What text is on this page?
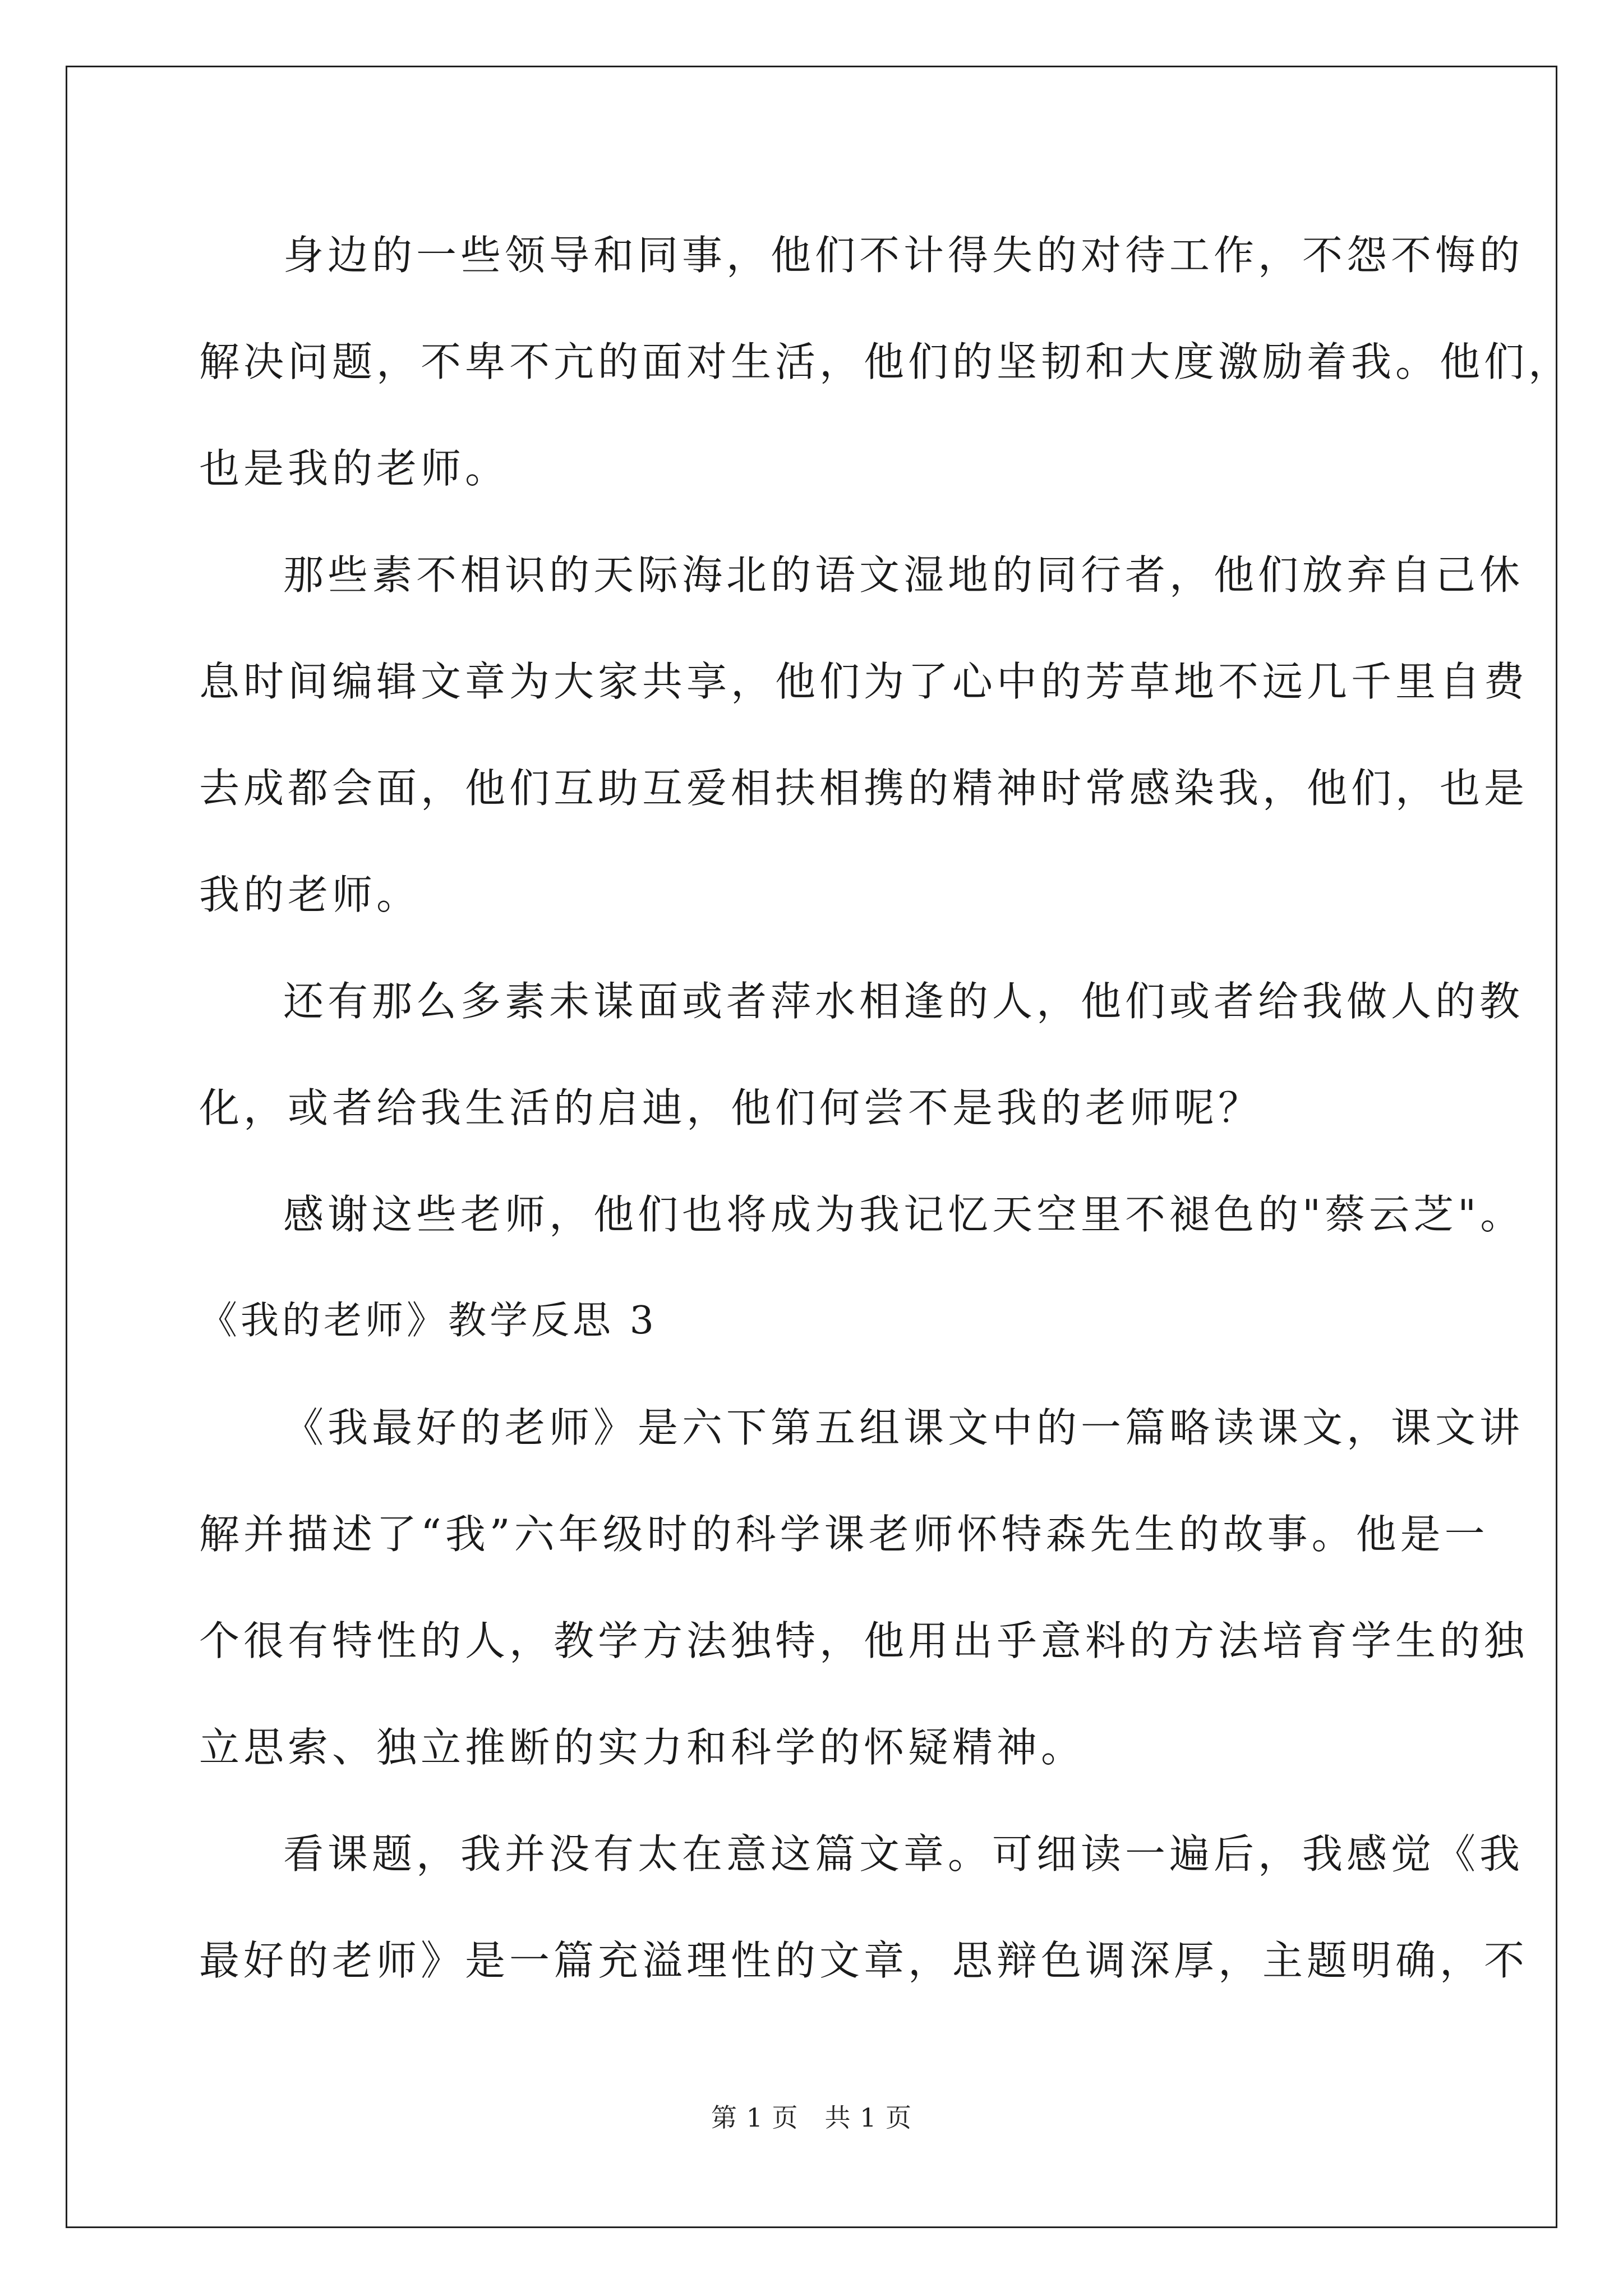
身边的一些领导和同事，他们不计得失的对待工作，不怨不悔的

解决问题，不卑不亢的面对生活，他们的坚韧和大度激励着我。他们，

也是我的老师。

那些素不相识的天际海北的语文湿地的同行者，他们放弃自己休

息时间编辑文章为大家共享，他们为了心中的芳草地不远几千里自费

去成都会面，他们互助互爱相扶相携的精神时常感染我，他们，也是

我的老师。

还有那么多素未谋面或者萍水相逢的人，他们或者给我做人的教

化，或者给我生活的启迪，他们何尝不是我的老师呢？

感谢这些老师，他们也将成为我记忆天空里不褪色的"蔡云芝"。

《我的老师》教学反思 3

《我最好的老师》是六下第五组课文中的一篇略读课文，课文讲

解并描述了“我”六年级时的科学课老师怀特森先生的故事。他是一

个很有特性的人，教学方法独特，他用出乎意料的方法培育学生的独

立思索、独立推断的实力和科学的怀疑精神。

看课题，我并没有太在意这篇文章。可细读一遍后，我感觉《我

最好的老师》是一篇充溢理性的文章，思辩色调深厚，主题明确，不

第 1 页　共 1 页
